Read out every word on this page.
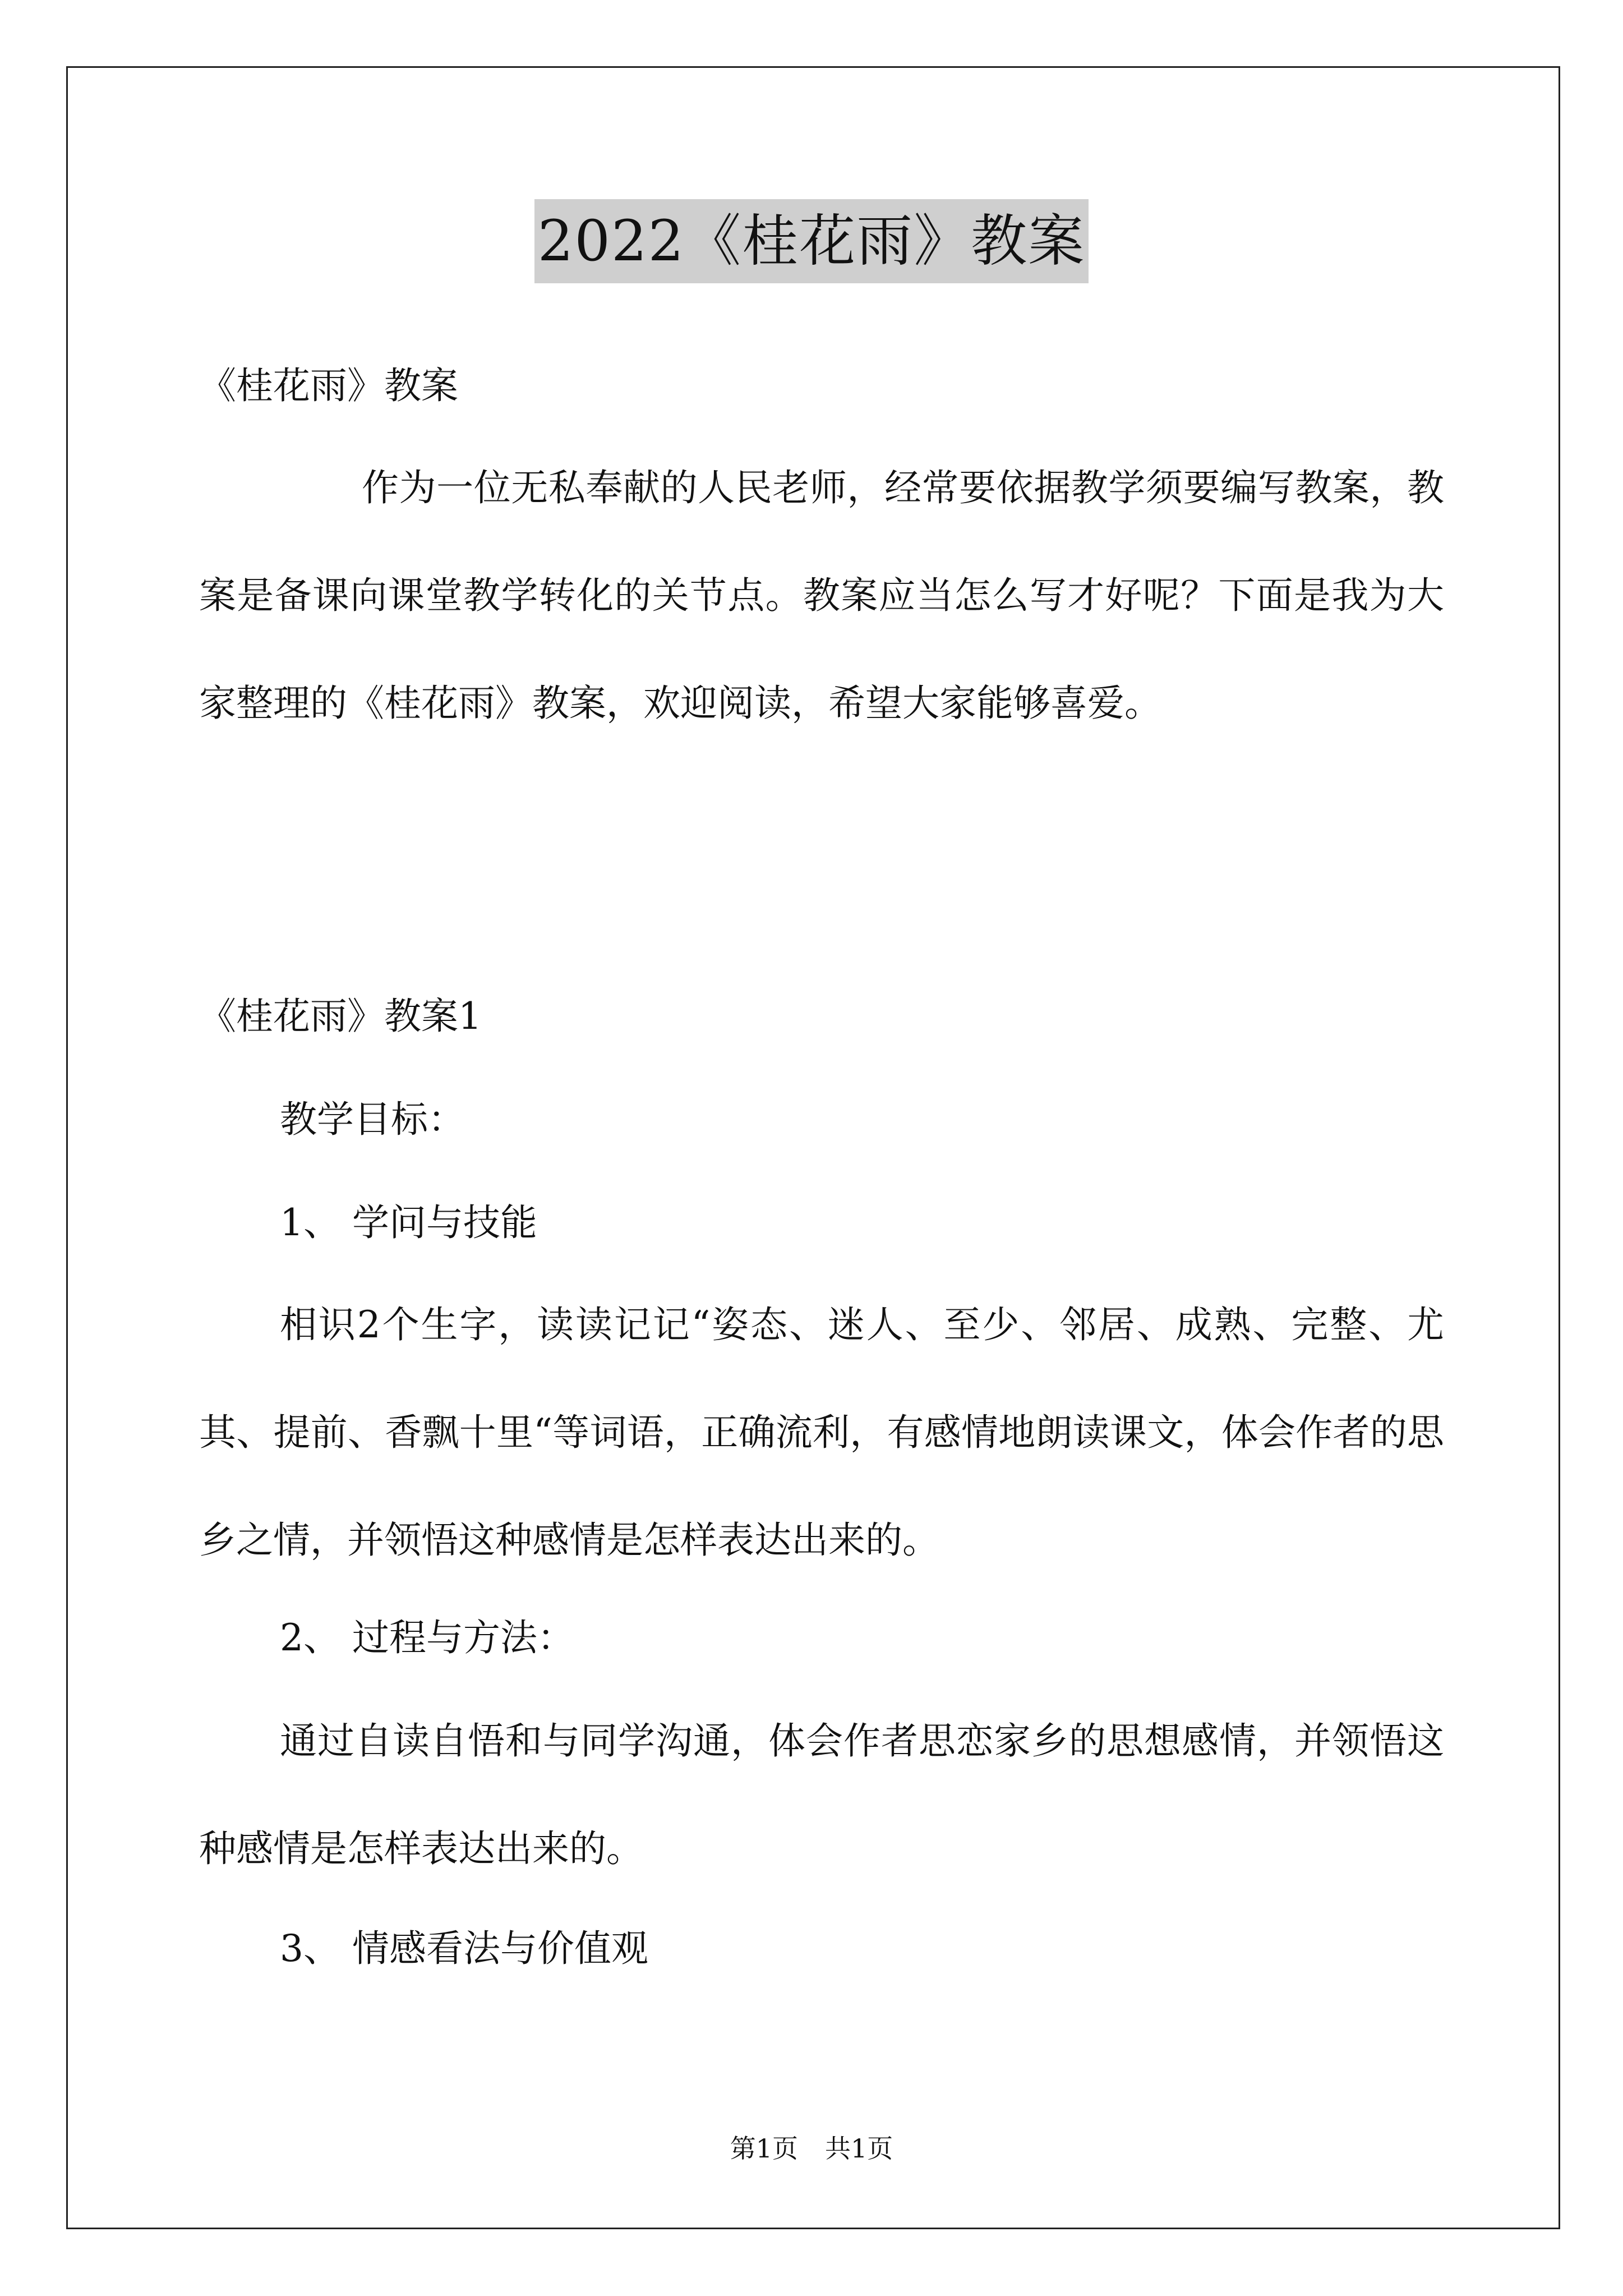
2022《桂花雨》教案

《桂花雨》教案

作为一位无私奉献的人民老师，经常要依据教学须要编写教案，教案是备课向课堂教学转化的关节点。教案应当怎么写才好呢？下面是我为大家整理的《桂花雨》教案，欢迎阅读，希望大家能够喜爱。

《桂花雨》教案1

教学目标：

1、 学问与技能

相识2个生字，读读记记“姿态、迷人、至少、邻居、成熟、完整、尤其、提前、香飘十里“等词语，正确流利，有感情地朗读课文，体会作者的思乡之情，并领悟这种感情是怎样表达出来的。

2、 过程与方法：

通过自读自悟和与同学沟通，体会作者思恋家乡的思想感情，并领悟这种感情是怎样表达出来的。

3、 情感看法与价值观

第1页 共1页
